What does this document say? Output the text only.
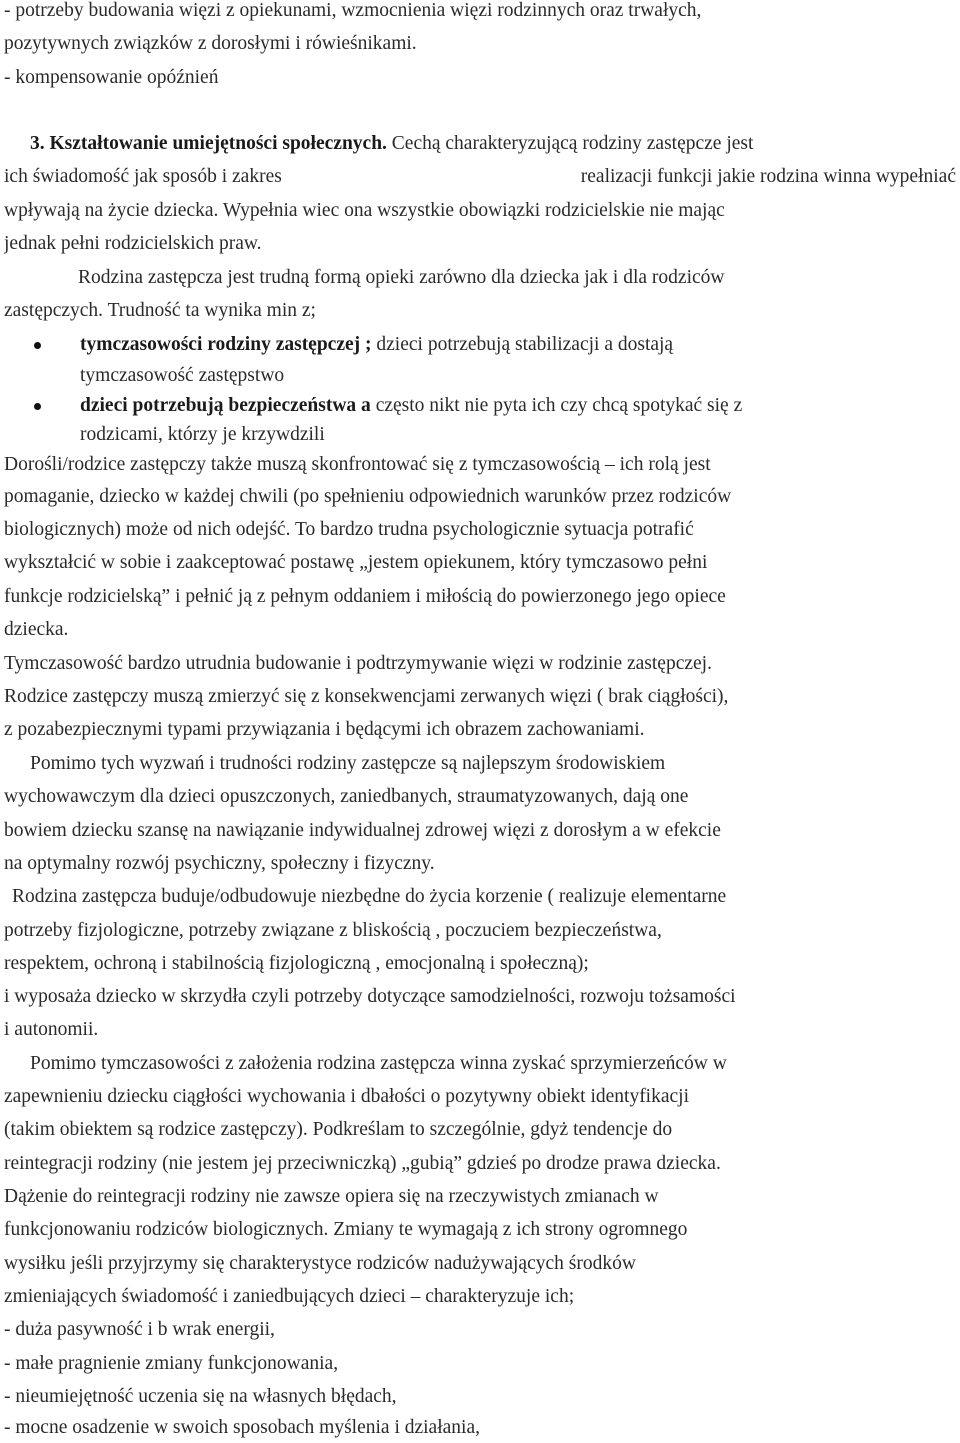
- potrzeby budowania więzi z opiekunami, wzmocnienia więzi rodzinnych oraz trwałych,
pozytywnych związków z dorosłymi i rówieśnikami.
- kompensowanie opóźnień
3. Kształtowanie umiejętności społecznych. Cechą charakteryzującą rodziny zastępcze jest
ich świadomość jak sposób i zakres	realizacji funkcji jakie rodzina winna wypełniać
wpływają na życie dziecka. Wypełnia wiec ona wszystkie obowiązki rodzicielskie nie mając
jednak pełni rodzicielskich praw.
Rodzina zastępcza jest trudną formą opieki zarówno dla dziecka jak i dla rodziców
zastępczych. Trudność ta wynika min z;
tymczasowości rodziny zastępczej ; dzieci potrzebują stabilizacji a dostają
tymczasowość zastępstwo
dzieci potrzebują bezpieczeństwa a często nikt nie pyta ich czy chcą spotykać się z
rodzicami, którzy je krzywdzili
Dorośli/rodzice zastępczy także muszą skonfrontować się z tymczasowością – ich rolą jest
pomaganie, dziecko w każdej chwili (po spełnieniu odpowiednich warunków przez rodziców
biologicznych) może od nich odejść. To bardzo trudna psychologicznie sytuacja potrafić
wykształcić w sobie i zaakceptować postawę „jestem opiekunem, który tymczasowo pełni
funkcje rodzicielską” i pełnić ją z pełnym oddaniem i miłością do powierzonego jego opiece
dziecka.
Tymczasowość bardzo utrudnia budowanie i podtrzymywanie więzi w rodzinie zastępczej.
Rodzice zastępczy muszą zmierzyć się z konsekwencjami zerwanych więzi ( brak ciągłości),
z pozabezpiecznymi typami przywiązania i będącymi ich obrazem zachowaniami.
Pomimo tych wyzwań i trudności rodziny zastępcze są najlepszym środowiskiem
wychowawczym dla dzieci opuszczonych, zaniedbanych, straumatyzowanych, dają one
bowiem dziecku szansę na nawiązanie indywidualnej zdrowej więzi z dorosłym a w efekcie
na optymalny rozwój psychiczny, społeczny i fizyczny.
Rodzina zastępcza buduje/odbudowuje niezbędne do życia korzenie ( realizuje elementarne
potrzeby fizjologiczne, potrzeby związane z bliskością , poczuciem bezpieczeństwa,
respektem, ochroną i stabilnością fizjologiczną , emocjonalną i społeczną);
i wyposaża dziecko w skrzydła czyli potrzeby dotyczące samodzielności, rozwoju tożsamości
i autonomii.
Pomimo tymczasowości z założenia rodzina zastępcza winna zyskać sprzymierzeńców w
zapewnieniu dziecku ciągłości wychowania i dbałości o pozytywny obiekt identyfikacji
(takim obiektem są rodzice zastępczy). Podkreślam to szczególnie, gdyż tendencje do
reintegracji rodziny (nie jestem jej przeciwniczką) „gubią” gdzieś po drodze prawa dziecka.
Dążenie do reintegracji rodziny nie zawsze opiera się na rzeczywistych zmianach w
funkcjonowaniu rodziców biologicznych. Zmiany te wymagają z ich strony ogromnego
wysiłku jeśli przyjrzymy się charakterystyce rodziców nadużywających środków
zmieniających świadomość i zaniedbujących dzieci – charakteryzuje ich;
- duża pasywność i b wrak energii,
- małe pragnienie zmiany funkcjonowania,
- nieumiejętność uczenia się na własnych błędach,
- mocne osadzenie w swoich sposobach myślenia i działania,
